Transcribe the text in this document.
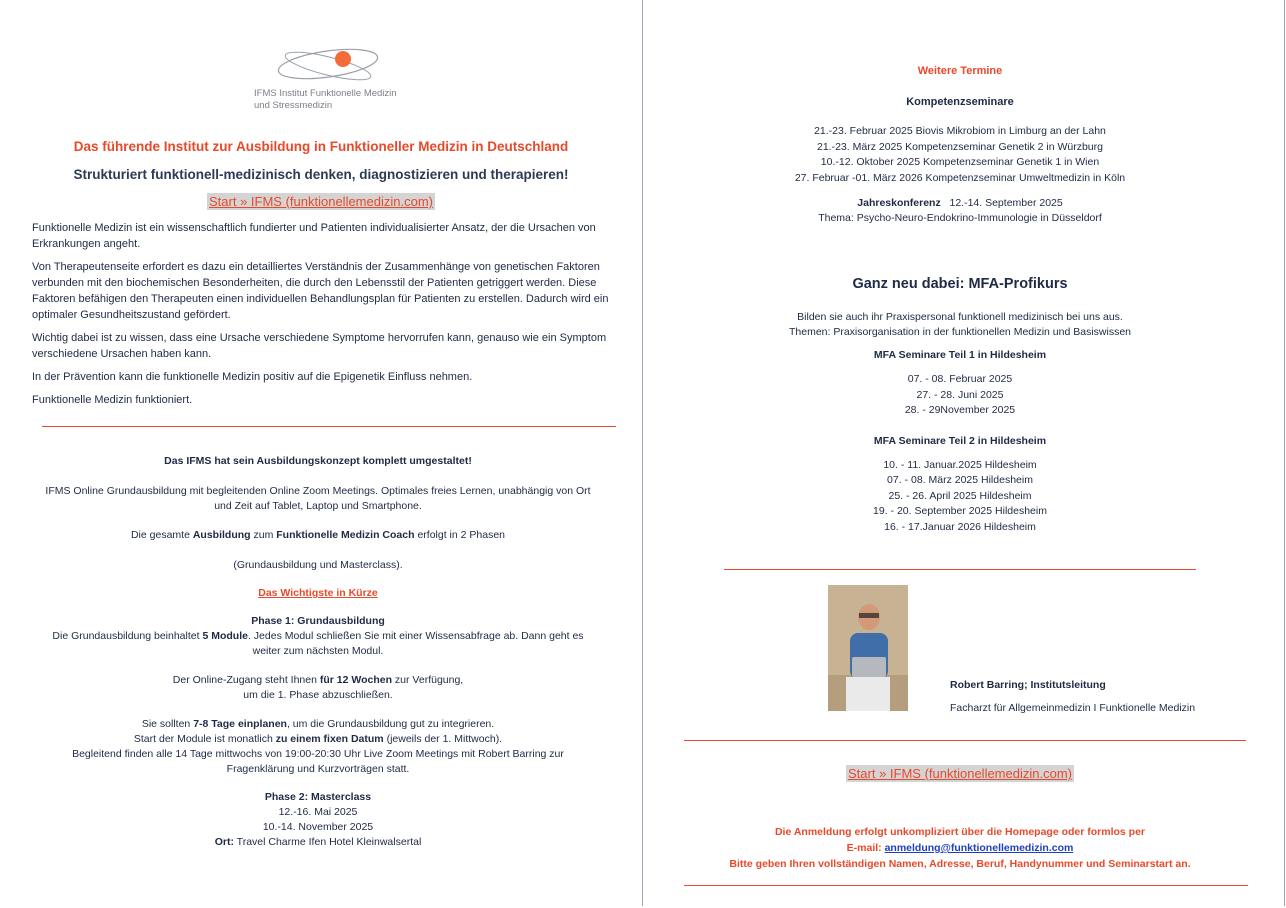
IFMS Institut Funktionelle Medizin
und Stressmedizin
Das führende Institut zur Ausbildung in Funktioneller Medizin in Deutschland
Strukturiert funktionell-medizinisch denken, diagnostizieren und therapieren!
Start » IFMS (funktionellemedizin.com)
Funktionelle Medizin ist ein wissenschaftlich fundierter und Patienten individualisierter Ansatz, der die Ursachen von Erkrankungen angeht.
Von Therapeutenseite erfordert es dazu ein detailliertes Verständnis der Zusammenhänge von genetischen Faktoren verbunden mit den biochemischen Besonderheiten, die durch den Lebensstil der Patienten getriggert werden. Diese Faktoren befähigen den Therapeuten einen individuellen Behandlungsplan für Patienten zu erstellen. Dadurch wird ein optimaler Gesundheitszustand gefördert.
Wichtig dabei ist zu wissen, dass eine Ursache verschiedene Symptome hervorrufen kann, genauso wie ein Symptom verschiedene Ursachen haben kann.
In der Prävention kann die funktionelle Medizin positiv auf die Epigenetik Einfluss nehmen.
Funktionelle Medizin funktioniert.
Das IFMS hat sein Ausbildungskonzept komplett umgestaltet!
IFMS Online Grundausbildung mit begleitenden Online Zoom Meetings. Optimales freies Lernen, unabhängig von Ort
und Zeit auf Tablet, Laptop und Smartphone.
Die gesamte Ausbildung zum Funktionelle Medizin Coach erfolgt in 2 Phasen
(Grundausbildung und Masterclass).
Das Wichtigste in Kürze
Phase 1: Grundausbildung
Die Grundausbildung beinhaltet 5 Module. Jedes Modul schließen Sie mit einer Wissensabfrage ab. Dann geht es
weiter zum nächsten Modul.
Der Online-Zugang steht Ihnen für 12 Wochen zur Verfügung,
um die 1. Phase abzuschließen.
Sie sollten 7-8 Tage einplanen, um die Grundausbildung gut zu integrieren.
Start der Module ist monatlich zu einem fixen Datum (jeweils der 1. Mittwoch).
Begleitend finden alle 14 Tage mittwochs von 19:00-20:30 Uhr Live Zoom Meetings mit Robert Barring zur
Fragenklärung und Kurzvorträgen statt.
Phase 2: Masterclass
12.-16. Mai 2025
10.-14. November 2025
Ort: Travel Charme Ifen Hotel Kleinwalsertal
Weitere Termine
Kompetenzseminare
21.-23. Februar 2025 Biovis Mikrobiom in Limburg an der Lahn
21.-23. März 2025 Kompetenzseminar Genetik 2 in Würzburg
10.-12. Oktober 2025 Kompetenzseminar Genetik 1 in Wien
27. Februar -01. März 2026 Kompetenzseminar Umweltmedizin in Köln
Jahreskonferenz 12.-14. September 2025
Thema: Psycho-Neuro-Endokrino-Immunologie in Düsseldorf
Ganz neu dabei: MFA-Profikurs
Bilden sie auch ihr Praxispersonal funktionell medizinisch bei uns aus.
Themen: Praxisorganisation in der funktionellen Medizin und Basiswissen
MFA Seminare Teil 1 in Hildesheim
07. - 08. Februar 2025
27. - 28. Juni 2025
28. - 29November 2025
MFA Seminare Teil 2 in Hildesheim
10. - 11. Januar.2025 Hildesheim
07. - 08. März 2025 Hildesheim
25. - 26. April 2025 Hildesheim
19. - 20. September 2025 Hildesheim
16. - 17.Januar 2026 Hildesheim
Robert Barring; Institutsleitung
Facharzt für Allgemeinmedizin I Funktionelle Medizin
Start » IFMS (funktionellemedizin.com)
Die Anmeldung erfolgt unkompliziert über die Homepage oder formlos per
E-mail: anmeldung@funktionellemedizin.com
Bitte geben Ihren vollständigen Namen, Adresse, Beruf, Handynummer und Seminarstart an.
